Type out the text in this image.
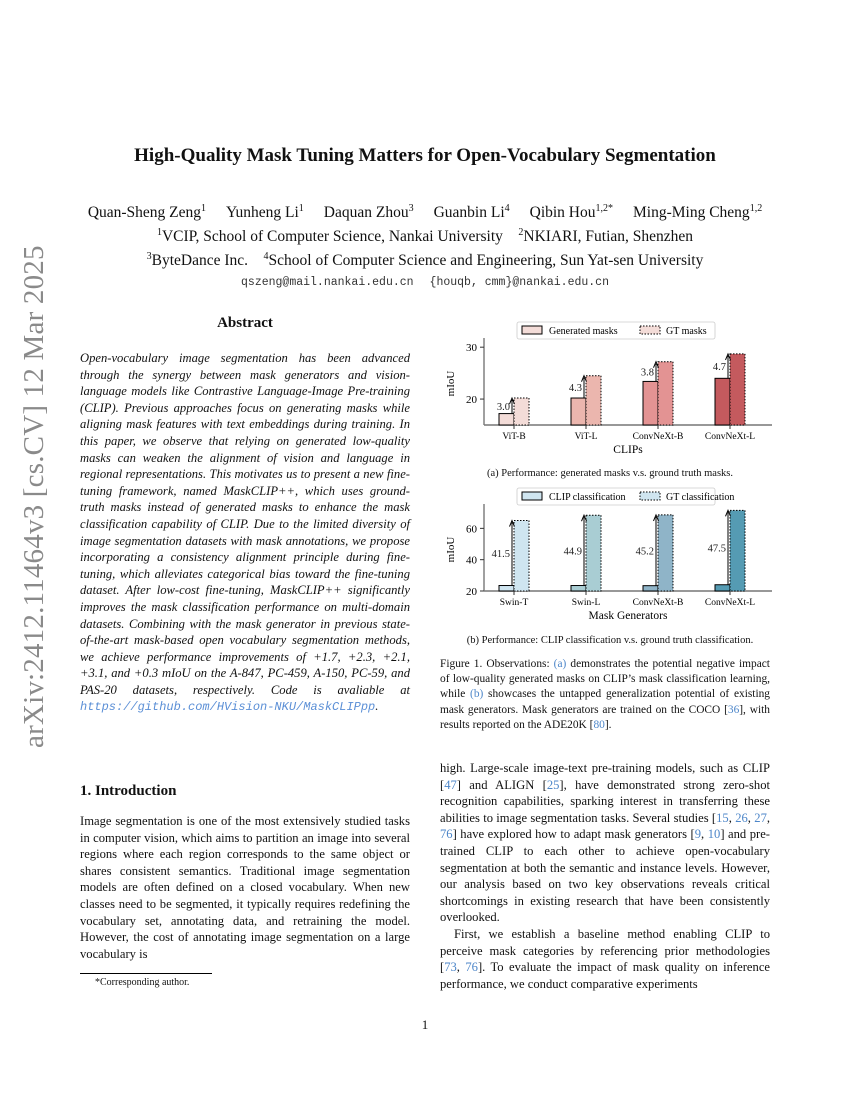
arXiv:2412.11464v3 [cs.CV] 12 Mar 2025
High-Quality Mask Tuning Matters for Open-Vocabulary Segmentation
Quan-Sheng Zeng$^1$ Yunheng Li$^1$ Daquan Zhou$^3$ Guanbin Li$^4$ Qibin Hou$^{1,2*}$ Ming-Ming Cheng$^{1,2}$
$^1$VCIP, School of Computer Science, Nankai University $^2$NKIARI, Futian, Shenzhen
$^3$ByteDance Inc. $^4$School of Computer Science and Engineering, Sun Yat-sen University
qszeng@mail.nankai.edu.cn {houqb, cmm}@nankai.edu.cn
Abstract
Open-vocabulary image segmentation has been advanced through the synergy between mask generators and vision-language models like Contrastive Language-Image Pre-training (CLIP). Previous approaches focus on generating masks while aligning mask features with text embeddings during training. In this paper, we observe that relying on generated low-quality masks can weaken the alignment of vision and language in regional representations. This motivates us to present a new fine-tuning framework, named MaskCLIP++, which uses ground-truth masks instead of generated masks to enhance the mask classification capability of CLIP. Due to the limited diversity of image segmentation datasets with mask annotations, we propose incorporating a consistency alignment principle during fine-tuning, which alleviates categorical bias toward the fine-tuning dataset. After low-cost fine-tuning, MaskCLIP++ significantly improves the mask classification performance on multi-domain datasets. Combining with the mask generator in previous state-of-the-art mask-based open vocabulary segmentation methods, we achieve performance improvements of +1.7, +2.3, +2.1, +3.1, and +0.3 mIoU on the A-847, PC-459, A-150, PC-59, and PAS-20 datasets, respectively. Code is avaliable at https://github.com/HVision-NKU/MaskCLIPpp.
1. Introduction
Image segmentation is one of the most extensively studied tasks in computer vision, which aims to partition an image into several regions where each region corresponds to the same object or shares consistent semantics. Traditional image segmentation models are often defined on a closed vocabulary. When new classes need to be segmented, it typically requires redefining the vocabulary set, annotating data, and retraining the model. However, the cost of annotating image segmentation on a large vocabulary is
*Corresponding author.
Generated masks	GT masks
20
30
mIoU
3.0
ViT-B
4.3
ViT-L
3.8
ConvNeXt-B
4.7
ConvNeXt-L
CLIPs
(a) Performance: generated masks v.s. ground truth masks.
CLIP classification	GT classification
20
40
60
mIoU	41.5
Swin-T
44.9
Swin-L
45.2
ConvNeXt-B
47.5
ConvNeXt-L
Mask Generators
(b) Performance: CLIP classification v.s. ground truth classification.
Figure 1. Observations: (a) demonstrates the potential negative impact of low-quality generated masks on CLIP’s mask classification learning, while (b) showcases the untapped generalization potential of existing mask generators. Mask generators are trained on the COCO [36], with results reported on the ADE20K [80].
high. Large-scale image-text pre-training models, such as CLIP [47] and ALIGN [25], have demonstrated strong zero-shot recognition capabilities, sparking interest in transferring these abilities to image segmentation tasks. Several studies [15, 26, 27, 76] have explored how to adapt mask generators [9, 10] and pre-trained CLIP to each other to achieve open-vocabulary segmentation at both the semantic and instance levels. However, our analysis based on two key observations reveals critical shortcomings in existing research that have been consistently overlooked.
First, we establish a baseline method enabling CLIP to perceive mask categories by referencing prior methodologies [73, 76]. To evaluate the impact of mask quality on inference performance, we conduct comparative experiments
1
